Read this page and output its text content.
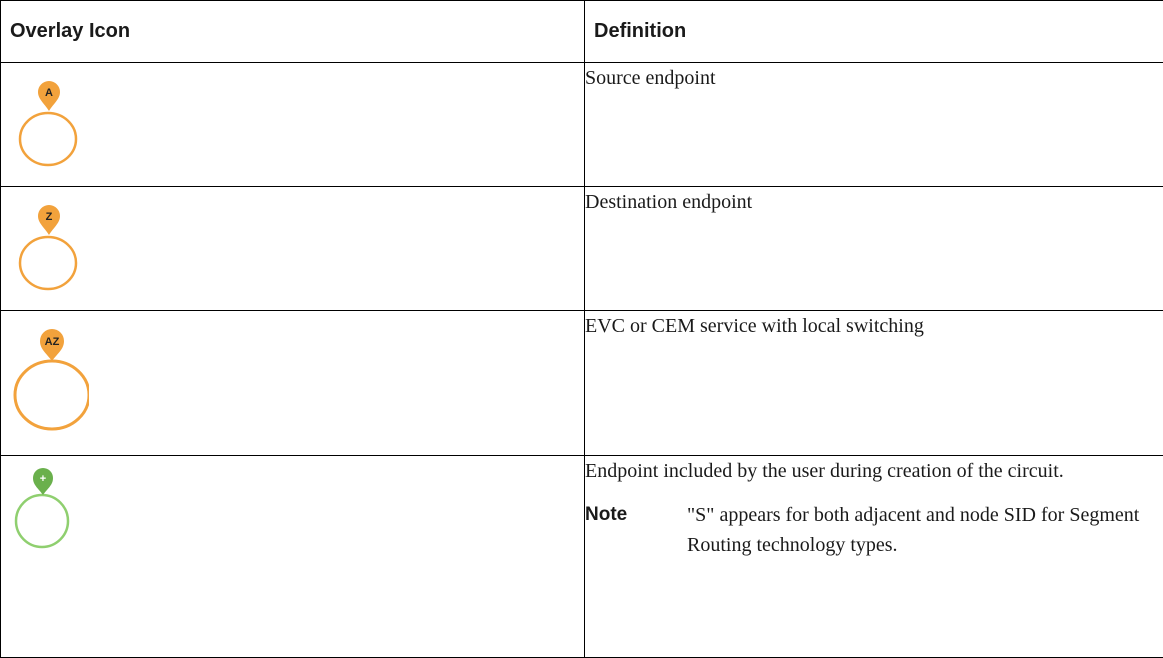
Overlay Icon	Definition

A	Source endpoint

Z	Destination endpoint

AZ	EVC or CEM service with local switching

+	Endpoint included by the user during creation of the circuit.
Note "S" appears for both adjacent and node SID for Segment Routing technology types.
